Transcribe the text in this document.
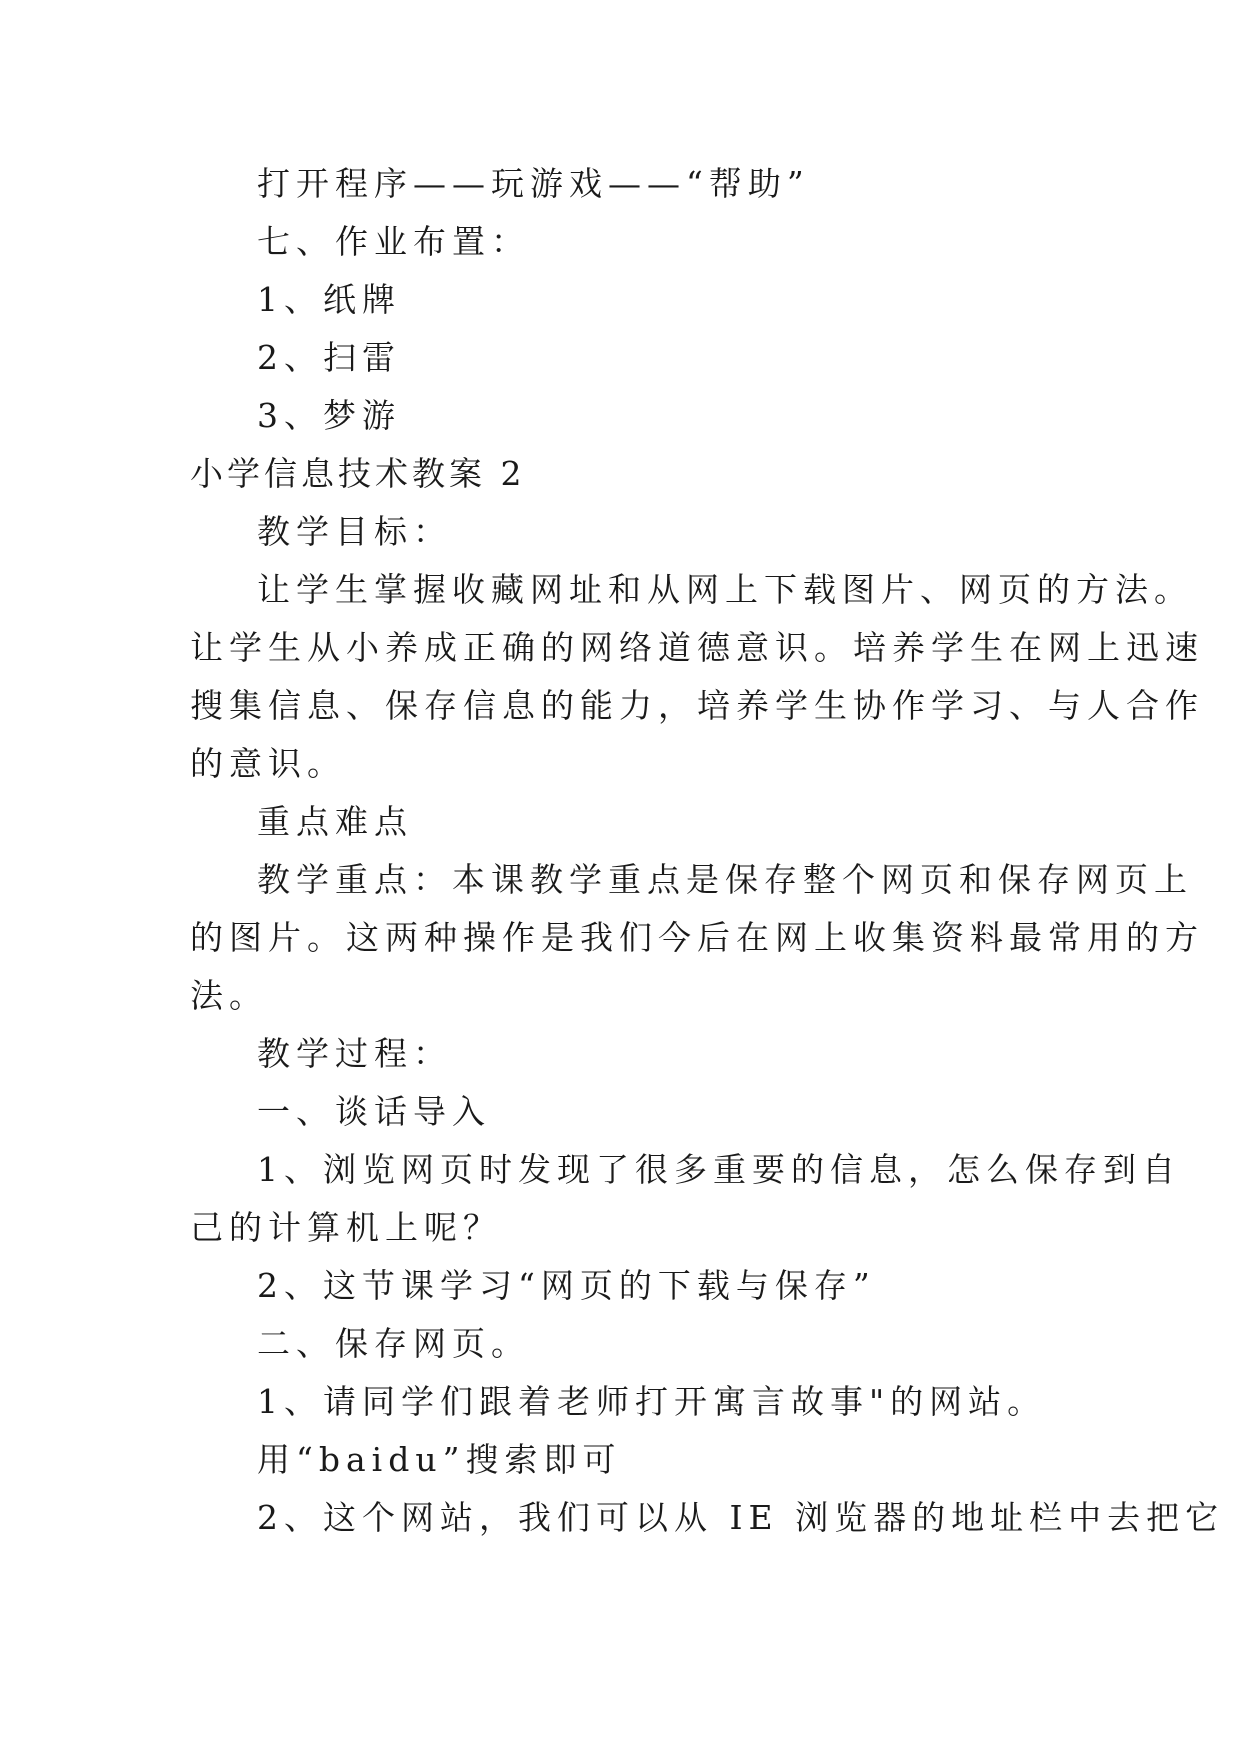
打开程序——玩游戏——“帮助”
七、作业布置：
1、纸牌
2、扫雷
3、梦游
小学信息技术教案 2
教学目标：
让学生掌握收藏网址和从网上下载图片、网页的方法。
让学生从小养成正确的网络道德意识。培养学生在网上迅速
搜集信息、保存信息的能力，培养学生协作学习、与人合作
的意识。
重点难点
教学重点：本课教学重点是保存整个网页和保存网页上
的图片。这两种操作是我们今后在网上收集资料最常用的方
法。
教学过程：
一、谈话导入
1、浏览网页时发现了很多重要的信息，怎么保存到自
己的计算机上呢？
2、这节课学习“网页的下载与保存”
二、保存网页。
1、请同学们跟着老师打开寓言故事"的网站。
用“baidu”搜索即可
2、这个网站，我们可以从 IE 浏览器的地址栏中去把它
